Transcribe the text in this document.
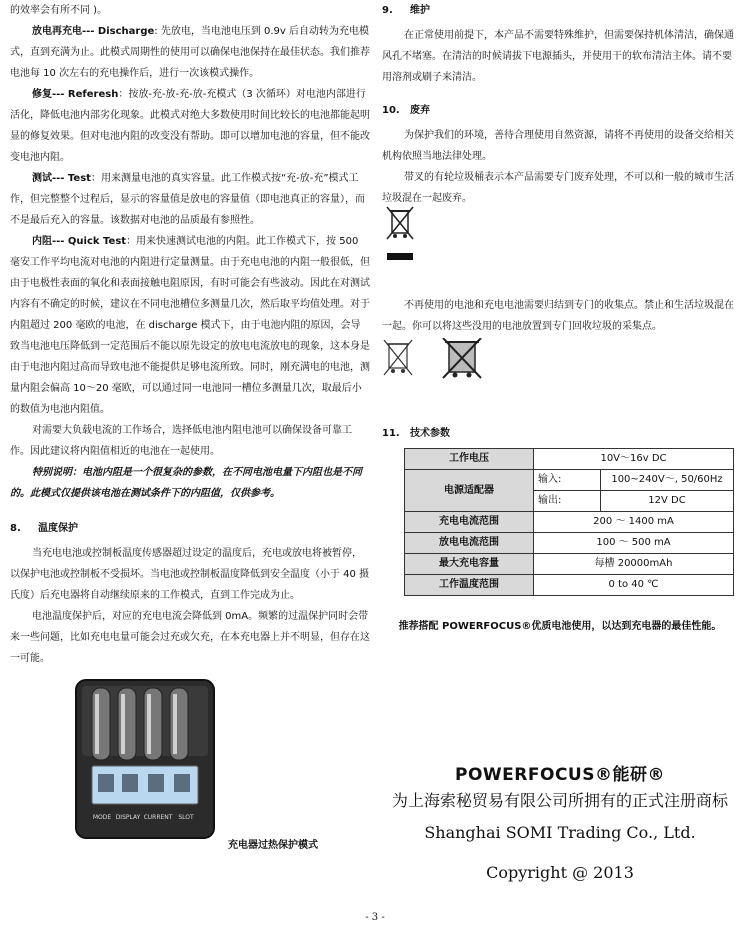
的效率会有所不同 )。

放电再充电--- Discharge: 先放电，当电池电压到 0.9v 后自动转为充电模式，直到充满为止。此模式周期性的使用可以确保电池保持在最佳状态。我们推荐电池每 10 次左右的充电操作后，进行一次该模式操作。

修复--- Referesh：按放-充-放-充-放-充模式（3 次循环）对电池内部进行活化，降低电池内部劣化现象。此模式对绝大多数使用时间比较长的电池都能起明显的修复效果。但对电池内阻的改变没有帮助。即可以增加电池的容量，但不能改变电池内阻。

测试--- Test：用来测量电池的真实容量。此工作模式按“充-放-充”模式工作，但完整整个过程后，显示的容量值是放电的容量值（即电池真正的容量），而不是最后充入的容量。该数据对电池的品质最有参照性。

内阻--- Quick Test：用来快速测试电池的内阻。此工作模式下，按 500 毫安工作平均电流对电池的内阻进行定量测量。由于充电电池的内阻一般很低，但由于电极性表面的氧化和表面接触电阻原因，有时可能会有些波动。因此在对测试内容有不确定的时候，建议在不同电池槽位多测量几次，然后取平均值处理。对于内阻超过 200 毫欧的电池，在 discharge 模式下，由于电池内阻的原因，会导致当电池电压降低到一定范围后不能以原先设定的放电电流放电的现象，这本身是由于电池内阻过高而导致电池不能提供足够电流所致。同时，刚充满电的电池，测量内阻会偏高 10～20 毫欧，可以通过同一电池同一槽位多测量几次，取最后小的数值为电池内阻值。

对需要大负载电流的工作场合，选择低电池内阻电池可以确保设备可靠工作。因此建议将内阻值相近的电池在一起使用。

特别说明：电池内阻是一个很复杂的参数，在不同电池电量下内阻也是不同的。此模式仅提供该电池在测试条件下的内阻值，仅供参考。

8. 温度保护

当充电电池或控制板温度传感器超过设定的温度后，充电或放电将被暂停，以保护电池或控制板不受损坏。当电池或控制板温度降低到安全温度（小于 40 摄氏度）后充电器将自动继续原来的工作模式，直到工作完成为止。

电池温度保护后，对应的充电电流会降低到 0mA。频繁的过温保护同时会带来一些问题，比如充电电量可能会过充或欠充，在本充电器上并不明显，但存在这一可能。

MODE DISPLAY CURRENT SLOT
充电器过热保护模式

9. 维护

在正常使用前提下，本产品不需要特殊维护，但需要保持机体清洁，确保通风孔不堵塞。在清洁的时候请拔下电源插头，并使用干的软布清洁主体。请不要用溶剂或刷子来清洁。

10. 废弃

为保护我们的环境，善待合理使用自然资源，请将不再使用的设备交给相关机构依照当地法律处理。

带叉的有轮垃圾桶表示本产品需要专门废弃处理，不可以和一般的城市生活垃圾混在一起废弃。

不再使用的电池和充电电池需要归结到专门的收集点。禁止和生活垃圾混在一起。你可以将这些没用的电池放置到专门回收垃圾的采集点。

11. 技术参数

工作电压	10V～16v DC	
电源适配器	输入:	100~240V～, 50/60Hz
	输出:	12V DC
充电电流范围	200 ～ 1400 mA	
放电电流范围	100 ～ 500 mA	
最大充电容量	每槽 20000mAh	
工作温度范围	0 to 40 ℃	

推荐搭配 POWERFOCUS®优质电池使用，以达到充电器的最佳性能。

POWERFOCUS®能研®
为上海索秘贸易有限公司所拥有的正式注册商标
Shanghai SOMI Trading Co., Ltd.
Copyright @ 2013
- 3 -
